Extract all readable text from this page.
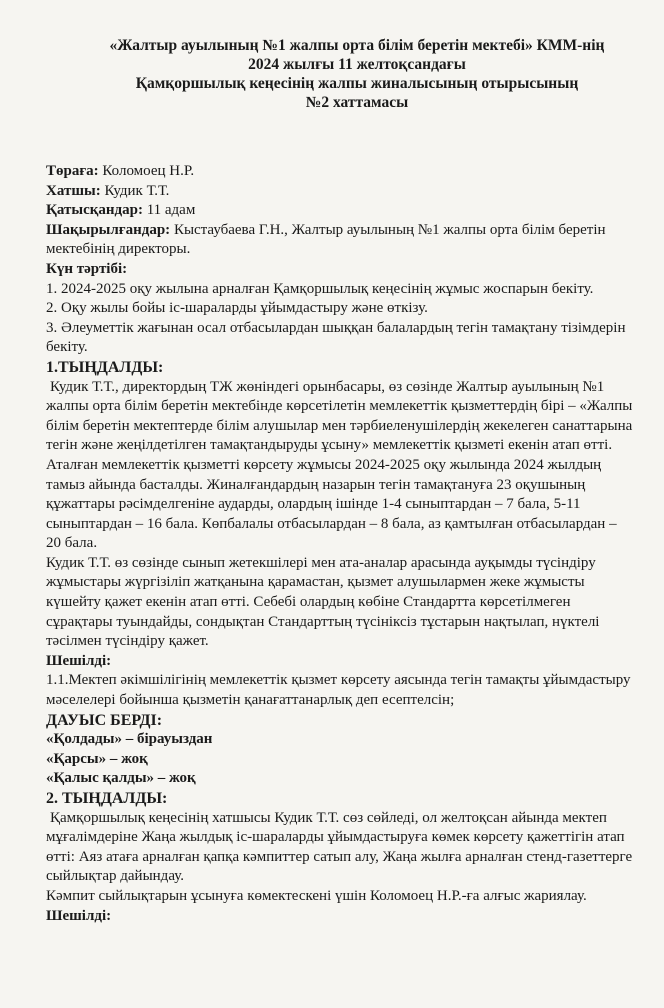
«Жалтыр ауылының №1 жалпы орта білім беретін мектебі» КММ-нің
2024 жылғы 11 желтоқсандағы
Қамқоршылық кеңесінің жалпы жиналысының отырысының
№2 хаттамасы

Төраға: Коломоец Н.Р.

Хатшы: Кудик Т.Т.

Қатысқандар: 11 адам

Шақырылғандар: Кыстаубаева Г.Н., Жалтыр ауылының №1 жалпы орта білім беретін мектебінің директоры.

Күн тәртібі:

1. 2024-2025 оқу жылына арналған Қамқоршылық кеңесінің жұмыс жоспарын бекіту.

2. Оқу жылы бойы іс-шараларды ұйымдастыру және өткізу.

3. Әлеуметтік жағынан осал отбасылардан шыққан балалардың тегін тамақтану тізімдерін бекіту.

1.ТЫҢДАЛДЫ:

Кудик Т.Т., директордың ТЖ жөніндегі орынбасары, өз сөзінде Жалтыр ауылының №1 жалпы орта білім беретін мектебінде көрсетілетін мемлекеттік қызметтердің бірі – «Жалпы білім беретін мектептерде білім алушылар мен тәрбиеленушілердің жекелеген санаттарына тегін және жеңілдетілген тамақтандыруды ұсыну» мемлекеттік қызметі екенін атап өтті.

Аталған мемлекеттік қызметті көрсету жұмысы 2024-2025 оқу жылында 2024 жылдың тамыз айында басталды. Жиналғандардың назарын тегін тамақтануға 23 оқушының құжаттары рәсімделгеніне аударды, олардың ішінде 1-4 сыныптардан – 7 бала, 5-11 сыныптардан – 16 бала. Көпбалалы отбасылардан – 8 бала, аз қамтылған отбасылардан – 20 бала.

Кудик Т.Т. өз сөзінде сынып жетекшілері мен ата-аналар арасында ауқымды түсіндіру жұмыстары жүргізіліп жатқанына қарамастан, қызмет алушылармен жеке жұмысты күшейту қажет екенін атап өтті. Себебі олардың көбіне Стандартта көрсетілмеген сұрақтары туындайды, сондықтан Стандарттың түсініксіз тұстарын нақтылап, нүктелі тәсілмен түсіндіру қажет.

Шешілді:

1.1.Мектеп әкімшілігінің мемлекеттік қызмет көрсету аясында тегін тамақты ұйымдастыру мәселелері бойынша қызметін қанағаттанарлық деп есептелсін;

ДАУЫС БЕРДІ:

«Қолдады» – бірауыздан

«Қарсы» – жоқ

«Қалыс қалды» – жоқ

2. ТЫҢДАЛДЫ:

Қамқоршылық кеңесінің хатшысы Кудик Т.Т. сөз сөйледі, ол желтоқсан айында мектеп мұғалімдеріне Жаңа жылдық іс-шараларды ұйымдастыруға көмек көрсету қажеттігін атап өтті: Аяз атаға арналған қапқа кәмпиттер сатып алу, Жаңа жылға арналған стенд-газеттерге сыйлықтар дайындау.

Кәмпит сыйлықтарын ұсынуға көмектескені үшін Коломоец Н.Р.-ға алғыс жариялау.

Шешілді:
